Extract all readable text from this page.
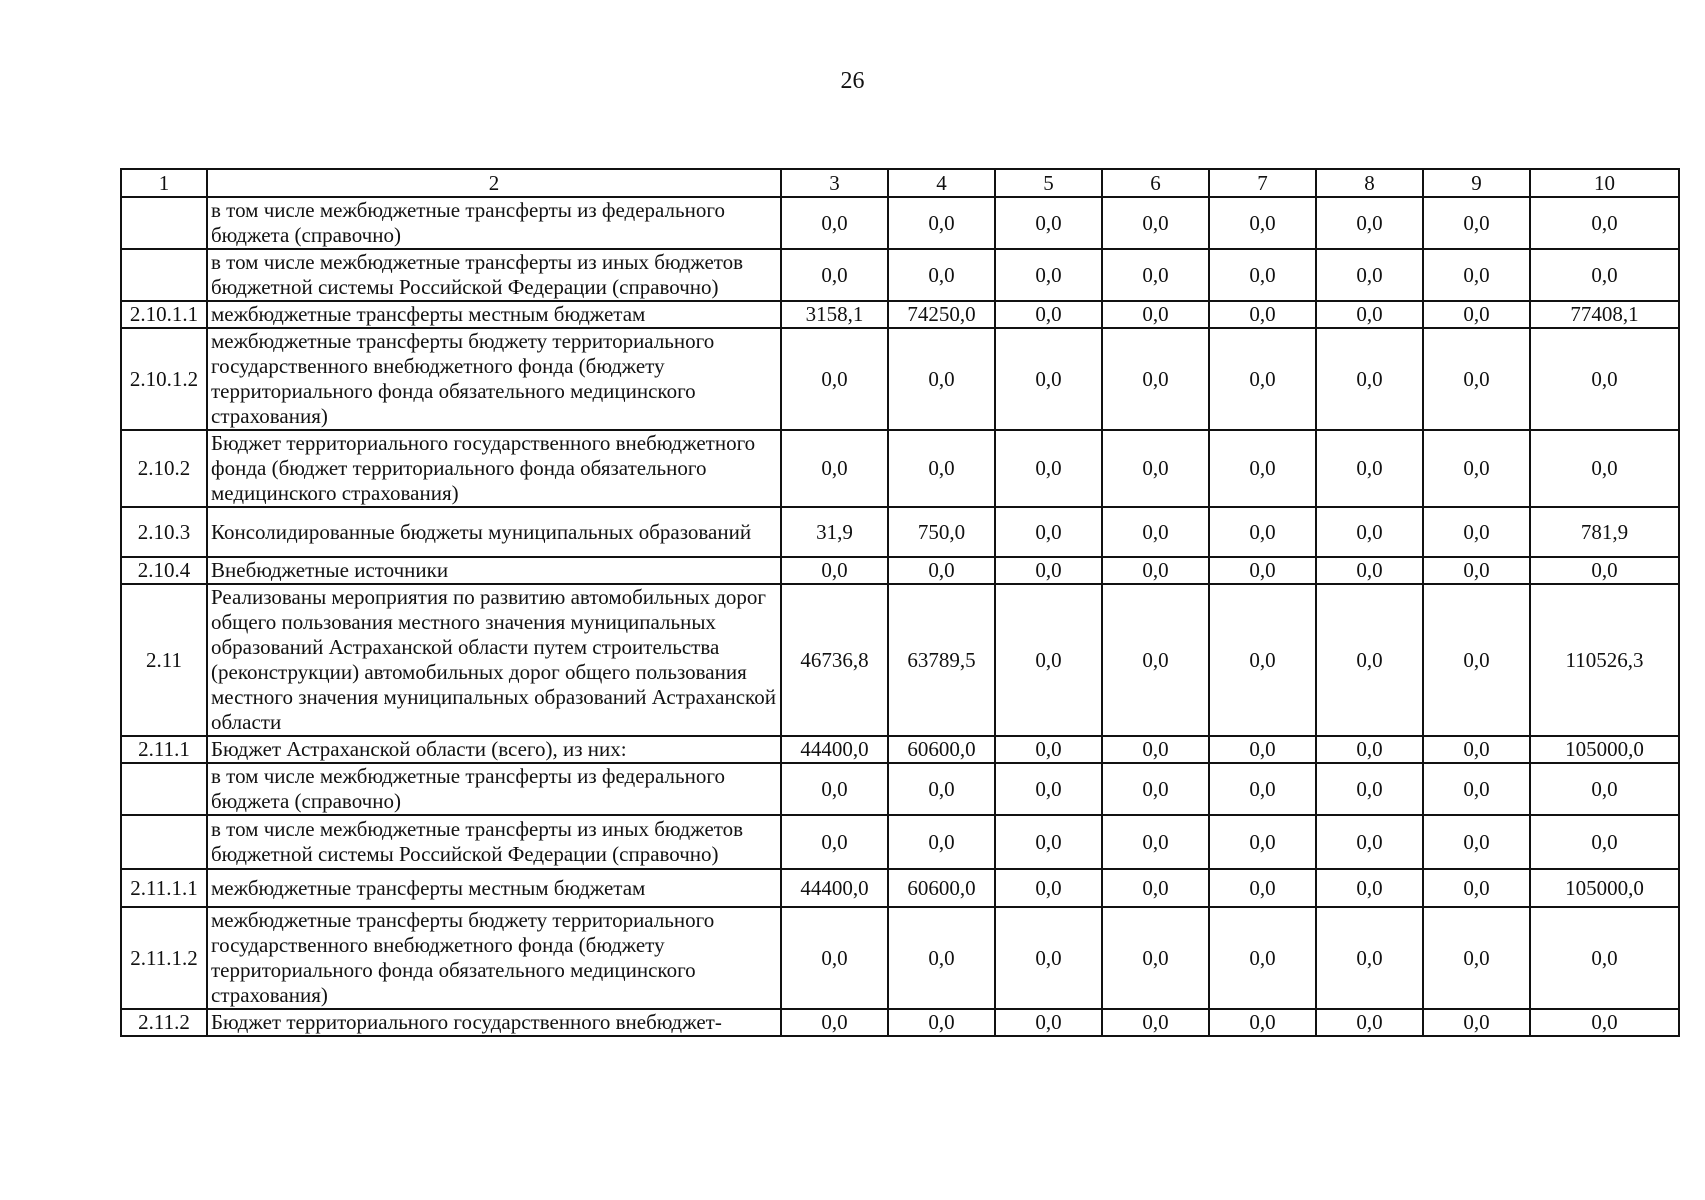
26
1	2	3	4	5	6	7	8	9	10
	в том числе межбюджетные трансферты из федерального бюджета (справочно)	0,0	0,0	0,0	0,0	0,0	0,0	0,0	0,0
	в том числе межбюджетные трансферты из иных бюджетов бюджетной системы Российской Федерации (справочно)	0,0	0,0	0,0	0,0	0,0	0,0	0,0	0,0
2.10.1.1	межбюджетные трансферты местным бюджетам	3158,1	74250,0	0,0	0,0	0,0	0,0	0,0	77408,1
2.10.1.2	межбюджетные трансферты бюджету территориального государственного внебюджетного фонда (бюджету территориального фонда обязательного медицинского страхования)	0,0	0,0	0,0	0,0	0,0	0,0	0,0	0,0
2.10.2	Бюджет территориального государственного внебюджетного фонда (бюджет территориального фонда обязательного медицинского страхования)	0,0	0,0	0,0	0,0	0,0	0,0	0,0	0,0
2.10.3	Консолидированные бюджеты муниципальных образований	31,9	750,0	0,0	0,0	0,0	0,0	0,0	781,9
2.10.4	Внебюджетные источники	0,0	0,0	0,0	0,0	0,0	0,0	0,0	0,0
2.11	Реализованы мероприятия по развитию автомобильных дорог общего пользования местного значения муниципальных образований Астраханской области путем строительства (реконструкции) автомобильных дорог общего пользования местного значения муниципальных образований Астраханской области	46736,8	63789,5	0,0	0,0	0,0	0,0	0,0	110526,3
2.11.1	Бюджет Астраханской области (всего), из них:	44400,0	60600,0	0,0	0,0	0,0	0,0	0,0	105000,0
	в том числе межбюджетные трансферты из федерального бюджета (справочно)	0,0	0,0	0,0	0,0	0,0	0,0	0,0	0,0
	в том числе межбюджетные трансферты из иных бюджетов бюджетной системы Российской Федерации (справочно)	0,0	0,0	0,0	0,0	0,0	0,0	0,0	0,0
2.11.1.1	межбюджетные трансферты местным бюджетам	44400,0	60600,0	0,0	0,0	0,0	0,0	0,0	105000,0
2.11.1.2	межбюджетные трансферты бюджету территориального государственного внебюджетного фонда (бюджету территориального фонда обязательного медицинского страхования)	0,0	0,0	0,0	0,0	0,0	0,0	0,0	0,0
2.11.2	Бюджет территориального государственного внебюджет-	0,0	0,0	0,0	0,0	0,0	0,0	0,0	0,0
